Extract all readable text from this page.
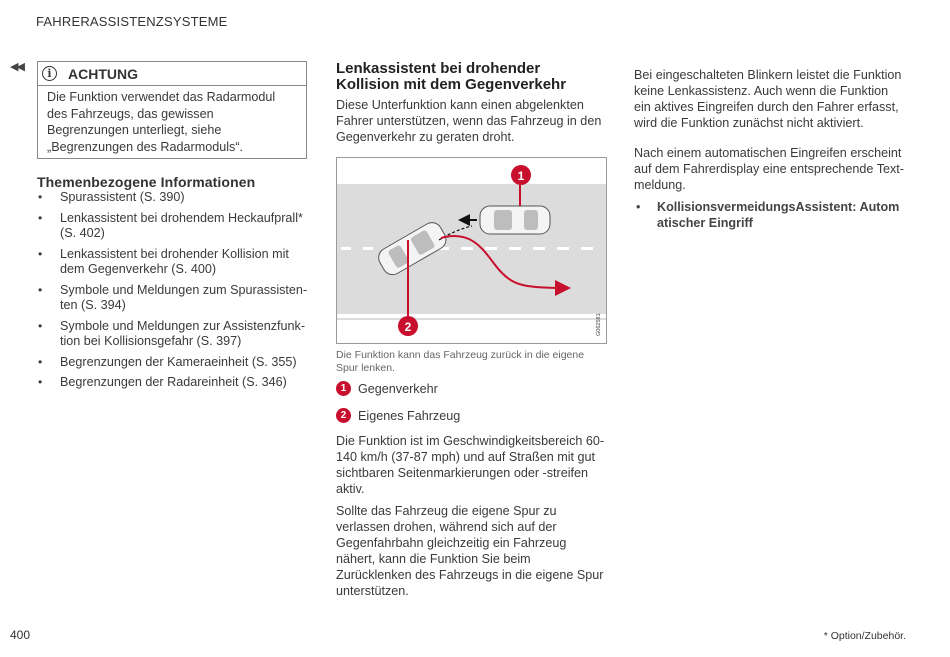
FAHRERASSISTENZSYSTEME
◀◀	i	ACHTUNG
Die Funktion verwendet das Radarmodul des Fahrzeugs, das gewissen Begrenzungen unterliegt, siehe „Begrenzungen des Radarmoduls“.
Themenbezogene Informationen
• Spurassistent (S. 390)
• Lenkassistent bei drohendem Heckaufprall* (S. 402)
• Lenkassistent bei drohender Kollision mit dem Gegenverkehr (S. 400)
• Symbole und Meldungen zum Spurassistenten (S. 394)
• Symbole und Meldungen zur Assistenzfunktion bei Kollisionsgefahr (S. 397)
• Begrenzungen der Kameraeinheit (S. 355)
• Begrenzungen der Radareinheit (S. 346)
Lenkassistent bei drohender Kollision mit dem Gegenverkehr
Diese Unterfunktion kann einen abgelenkten Fahrer unterstützen, wenn das Fahrzeug in den Gegenverkehr zu geraten droht.
1
2	G062581
Die Funktion kann das Fahrzeug zurück in die eigene Spur lenken.
1 Gegenverkehr
2 Eigenes Fahrzeug
Die Funktion ist im Geschwindigkeitsbereich 60-140 km/h (37-87 mph) und auf Straßen mit gut sichtbaren Seitenmarkierungen oder -streifen aktiv.
Sollte das Fahrzeug die eigene Spur zu verlassen drohen, während sich auf der Gegenfahrbahn gleichzeitig ein Fahrzeug nähert, kann die Funktion Sie beim Zurücklenken des Fahrzeugs in die eigene Spur unterstützen.
Bei eingeschalteten Blinkern leistet die Funktion keine Lenkassistenz. Auch wenn die Funktion ein aktives Eingreifen durch den Fahrer erfasst, wird die Funktion zunächst nicht aktiviert.
Nach einem automatischen Eingreifen erscheint auf dem Fahrerdisplay eine entsprechende Textmeldung.
• KollisionsvermeidungsAssistent: Autom atischer Eingriff
400	* Option/Zubehör.
